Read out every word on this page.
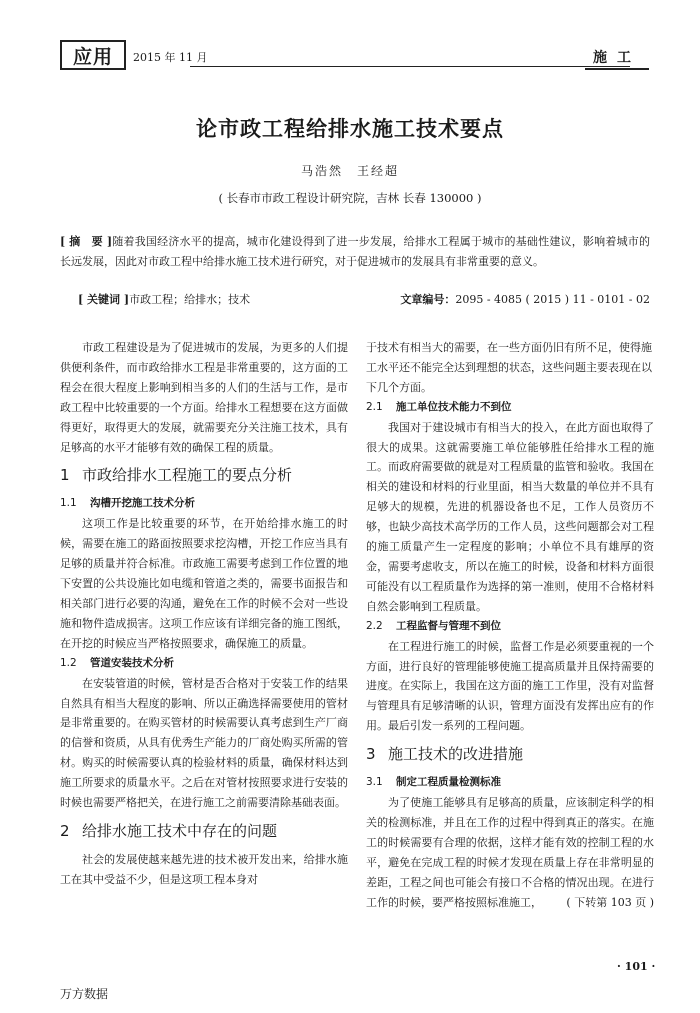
应用 2015 年 11 月	施工
论市政工程给排水施工技术要点
马浩然　王经超
( 长春市市政工程设计研究院，吉林 长春 130000 )
[ 摘　要 ]随着我国经济水平的提高，城市化建设得到了进一步发展，给排水工程属于城市的基础性建议，影响着城市的长远发展，因此对市政工程中给排水施工技术进行研究，对于促进城市的发展具有非常重要的意义。
[ 关键词 ]市政工程；给排水；技术	文章编号：2095 - 4085 ( 2015 ) 11 - 0101 - 02

市政工程建设是为了促进城市的发展，为更多的人们提供便利条件，而市政给排水工程是非常重要的，这方面的工程会在很大程度上影响到相当多的人们的生活与工作，是市政工程中比较重要的一个方面。给排水工程想要在这方面做得更好，取得更大的发展，就需要充分关注施工技术，具有足够高的水平才能够有效的确保工程的质量。

1 市政给排水工程施工的要点分析
1.1 沟槽开挖施工技术分析

这项工作是比较重要的环节，在开始给排水施工的时候，需要在施工的路面按照要求挖沟槽，开挖工作应当具有足够的质量并符合标准。市政施工需要考虑到工作位置的地下安置的公共设施比如电缆和管道之类的，需要书面报告和相关部门进行必要的沟通，避免在工作的时候不会对一些设施和物件造成损害。这项工作应该有详细完备的施工图纸，在开挖的时候应当严格按照要求，确保施工的质量。

1.2 管道安装技术分析

在安装管道的时候，管材是否合格对于安装工作的结果自然具有相当大程度的影响、所以正确选择需要使用的管材是非常重要的。在购买管材的时候需要认真考虑到生产厂商的信誉和资质，从具有优秀生产能力的厂商处购买所需的管材。购买的时候需要认真的检验材料的质量，确保材料达到施工所要求的质量水平。之后在对管材按照要求进行安装的时候也需要严格把关，在进行施工之前需要清除基础表面。

2 给排水施工技术中存在的问题

社会的发展使越来越先进的技术被开发出来，给排水施工在其中受益不少，但是这项工程本身对

于技术有相当大的需要，在一些方面仍旧有所不足，使得施工水平还不能完全达到理想的状态，这些问题主要表现在以下几个方面。

2.1 施工单位技术能力不到位

我国对于建设城市有相当大的投入，在此方面也取得了很大的成果。这就需要施工单位能够胜任给排水工程的施工。而政府需要做的就是对工程质量的监管和验收。我国在相关的建设和材料的行业里面，相当大数量的单位并不具有足够大的规模，先进的机器设备也不足，工作人员资历不够，也缺少高技术高学历的工作人员，这些问题都会对工程的施工质量产生一定程度的影响；小单位不具有雄厚的资金，需要考虑收支，所以在施工的时候，设备和材料方面很可能没有以工程质量作为选择的第一准则，使用不合格材料自然会影响到工程质量。

2.2 工程监督与管理不到位

在工程进行施工的时候，监督工作是必须要重视的一个方面，进行良好的管理能够使施工提高质量并且保持需要的进度。在实际上，我国在这方面的施工工作里，没有对监督与管理具有足够清晰的认识，管理方面没有发挥出应有的作用。最后引发一系列的工程问题。

3 施工技术的改进措施
3.1 制定工程质量检测标准

为了使施工能够具有足够高的质量，应该制定科学的相关的检测标准，并且在工作的过程中得到真正的落实。在施工的时候需要有合理的依据，这样才能有效的控制工程的水平，避免在完成工程的时候才发现在质量上存在非常明显的差距，工程之间也可能会有接口不合格的情况出现。在进行工作的时候，要严格按照标准施工，	( 下转第 103 页 )

· 101 ·
万方数据
